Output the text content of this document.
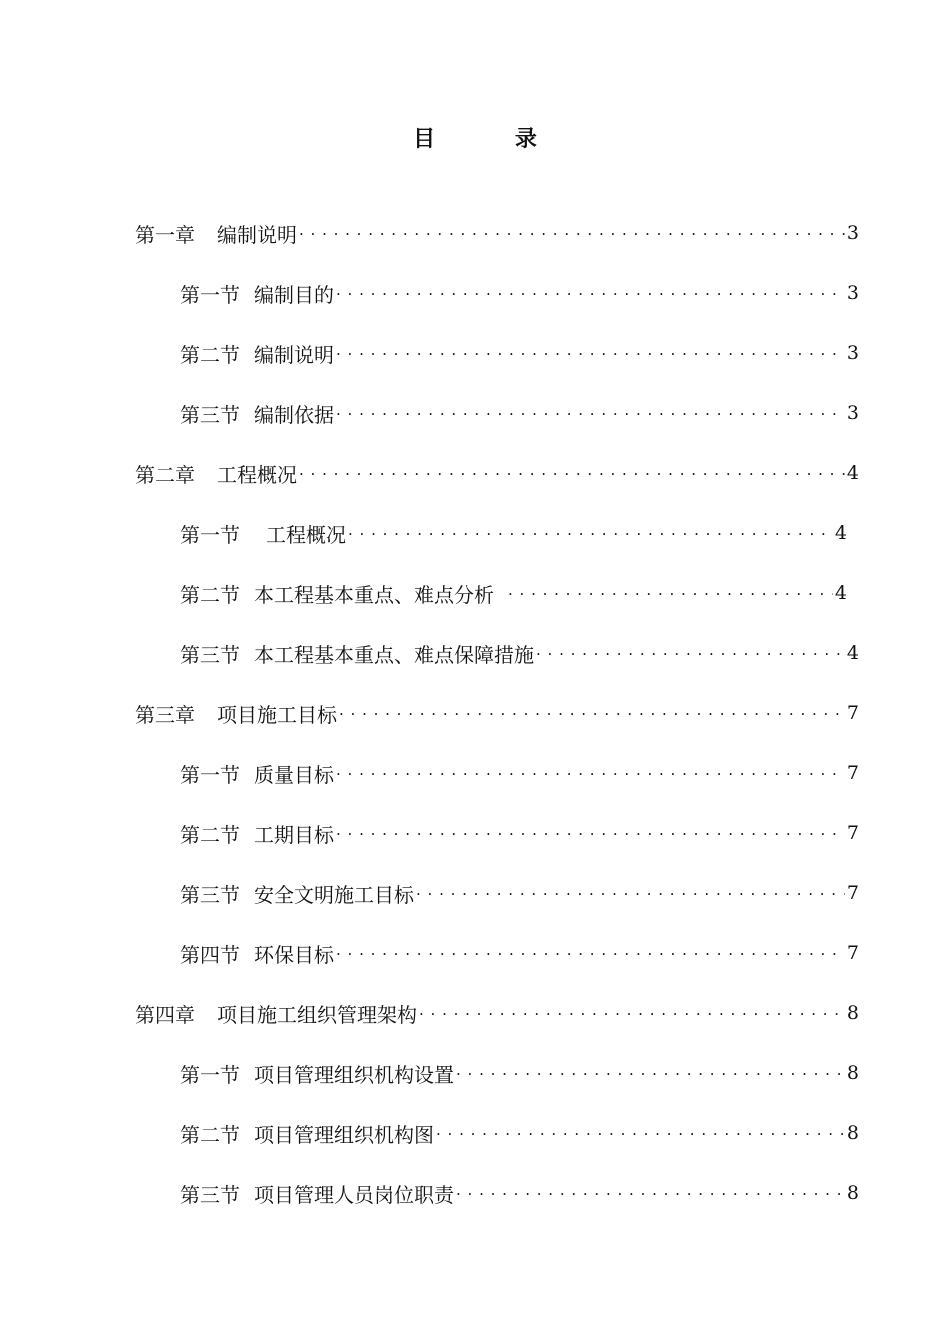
目 录
第一章 编制说明 . . .	3
第一节 编制目的 . . .	3
第二节 编制说明 . . .	3
第三节 编制依据 . . .	3
第二章 工程概况 . . .	4
第一节 工程概况 . . .	4
第二节 本工程基本重点、难点分析 . . .	4
第三节 本工程基本重点、难点保障措施 . . .	4
第三章 项目施工目标 . . .	7
第一节 质量目标 . . .	7
第二节 工期目标 . . .	7
第三节 安全文明施工目标 . . .	7
第四节 环保目标 . . .	7
第四章 项目施工组织管理架构 . . .	8
第一节 项目管理组织机构设置 . . .	8
第二节 项目管理组织机构图 . . .	8
第三节 项目管理人员岗位职责 . . .	8
